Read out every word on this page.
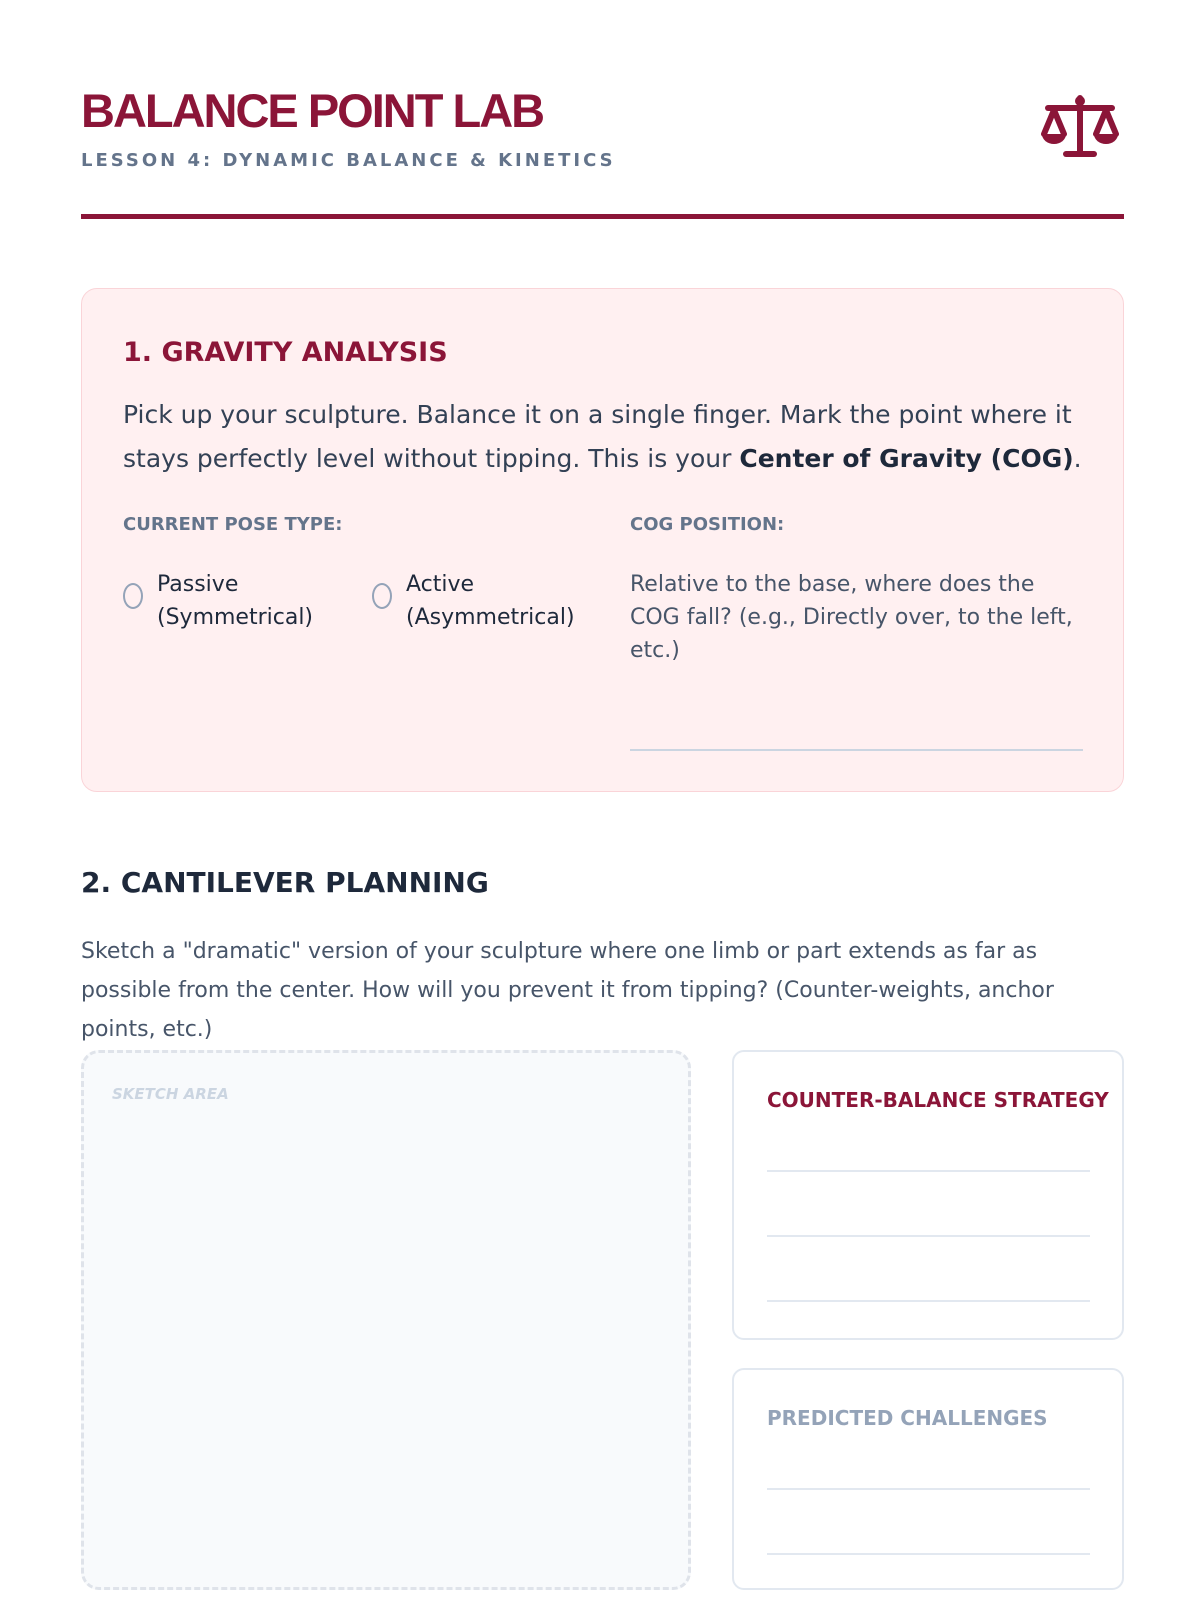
BALANCE POINT LAB
LESSON 4: DYNAMIC BALANCE & KINETICS
1. GRAVITY ANALYSIS

Pick up your sculpture. Balance it on a single finger. Mark the point where it stays perfectly level without tipping. This is your Center of Gravity (COG).

CURRENT POSE TYPE:
Passive (Symmetrical)
Active (Asymmetrical)
COG POSITION:
Relative to the base, where does the COG fall? (e.g., Directly over, to the left, etc.)
2. CANTILEVER PLANNING

Sketch a "dramatic" version of your sculpture where one limb or part extends as far as possible from the center. How will you prevent it from tipping? (Counter-weights, anchor points, etc.)

SKETCH AREA	COUNTER-BALANCE STRATEGY
PREDICTED CHALLENGES
